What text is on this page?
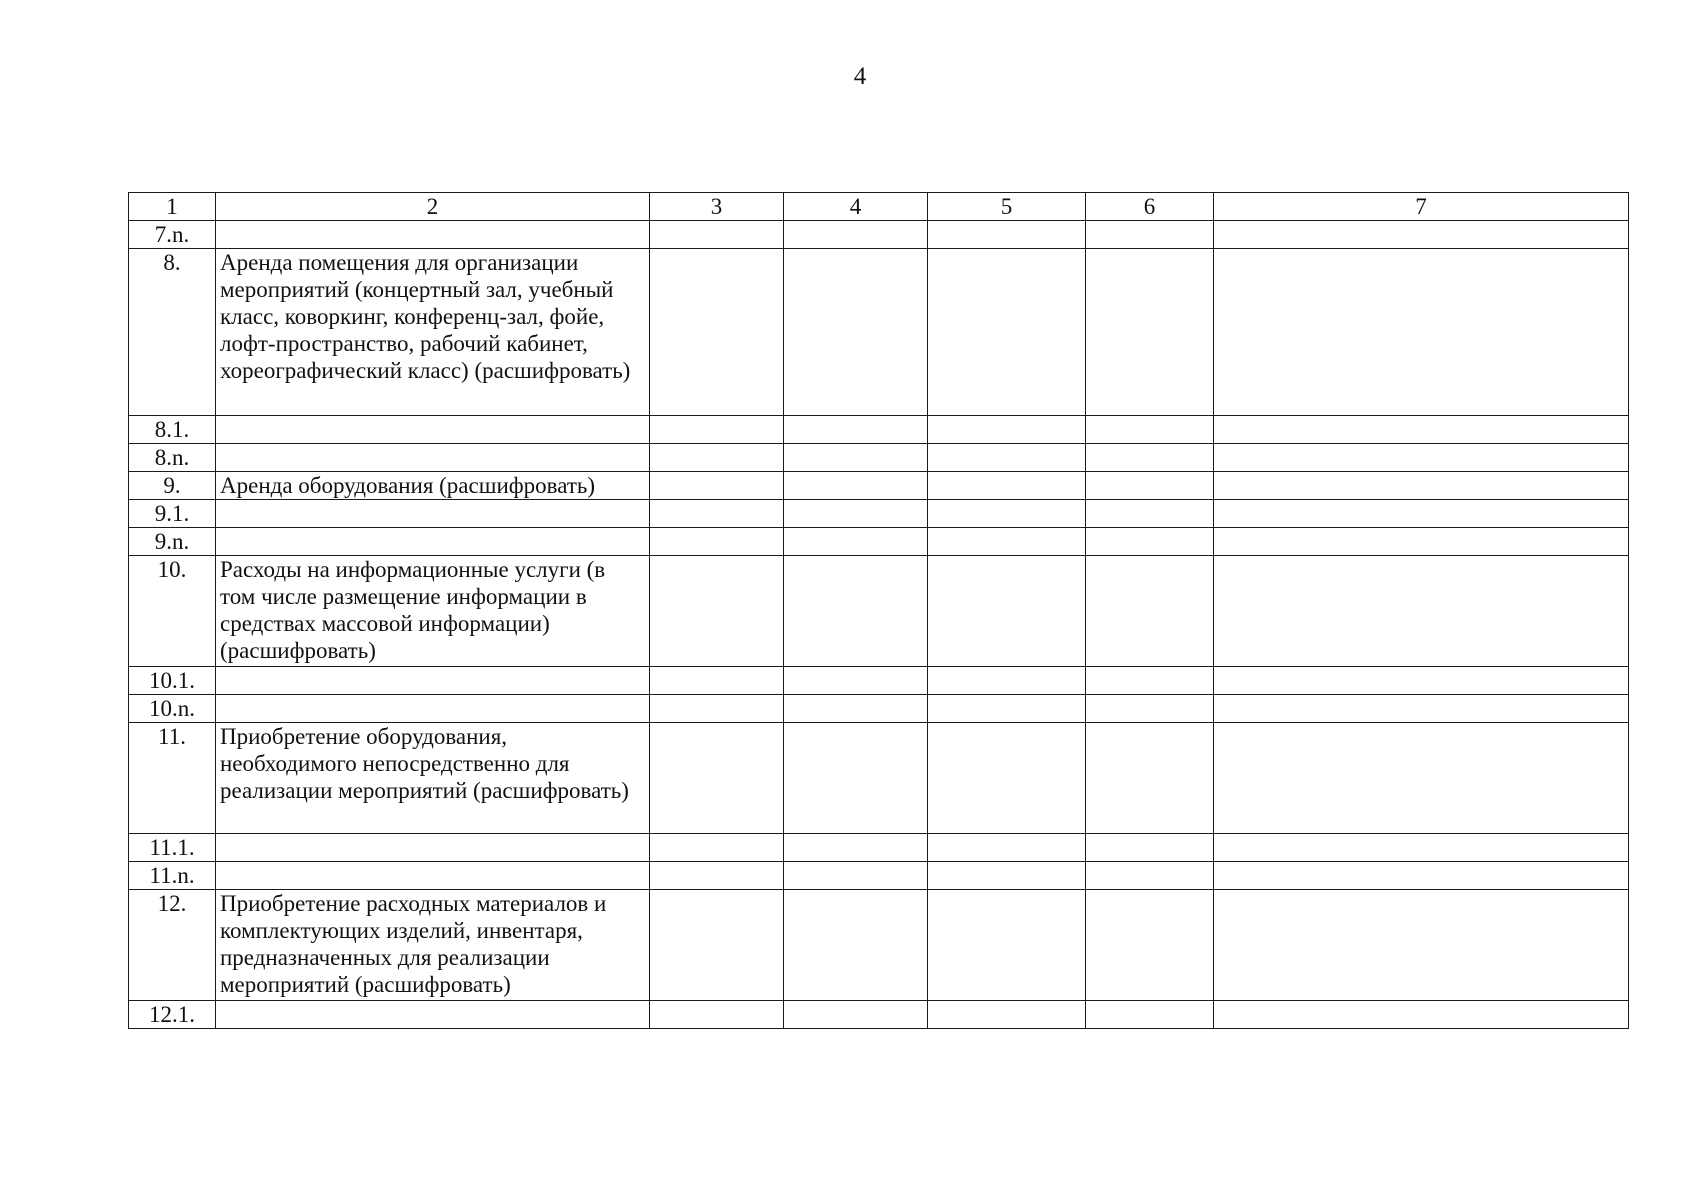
4
1	2	3	4	5	6	7
7.n.						
8.	Аренда помещения для организации мероприятий (концертный зал, учебный класс, коворкинг, конференц-зал, фойе, лофт-пространство, рабочий кабинет, хореографический класс) (расшифровать)					
8.1.						
8.n.						
9.	Аренда оборудования (расшифровать)					
9.1.						
9.n.						
10.	Расходы на информационные услуги (в том числе размещение информации в средствах массовой информации) (расшифровать)					
10.1.						
10.n.						
11.	Приобретение оборудования, необходимого непосредственно для реализации мероприятий (расшифровать)					
11.1.						
11.n.						
12.	Приобретение расходных материалов и комплектующих изделий, инвентаря, предназначенных для реализации мероприятий (расшифровать)					
12.1.						
